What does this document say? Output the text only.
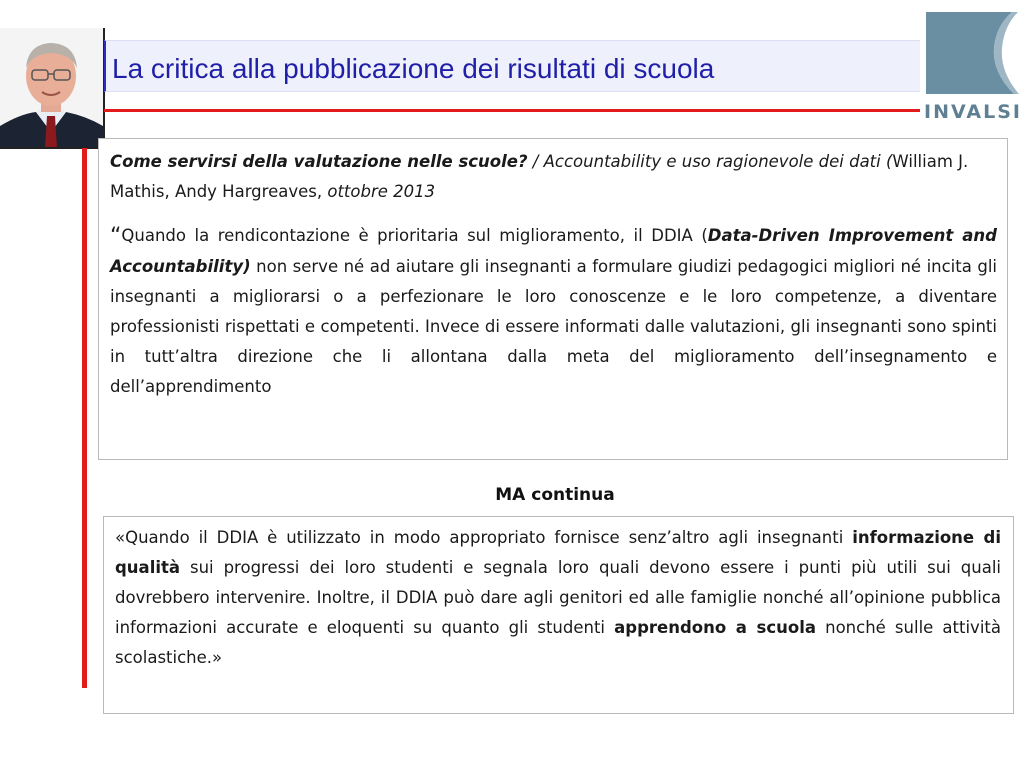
La critica alla pubblicazione dei risultati di scuola
INVALSI

Come servirsi della valutazione nelle scuole? / Accountability e uso ragionevole dei dati (William J. Mathis, Andy Hargreaves, ottobre 2013

“Quando la rendicontazione è prioritaria sul miglioramento, il DDIA (Data-Driven Improvement and Accountability) non serve né ad aiutare gli insegnanti a formulare giudizi pedagogici migliori né incita gli insegnanti a migliorarsi o a perfezionare le loro conoscenze e le loro competenze, a diventare professionisti rispettati e competenti. Invece di essere informati dalle valutazioni, gli insegnanti sono spinti in tutt’altra direzione che li allontana dalla meta del miglioramento dell’insegnamento e dell’apprendimento

MA continua

«Quando il DDIA è utilizzato in modo appropriato fornisce senz’altro agli insegnanti informazione di qualità sui progressi dei loro studenti e segnala loro quali devono essere i punti più utili sui quali dovrebbero intervenire. Inoltre, il DDIA può dare agli genitori ed alle famiglie nonché all’opinione pubblica informazioni accurate e eloquenti su quanto gli studenti apprendono a scuola nonché sulle attività scolastiche.»
